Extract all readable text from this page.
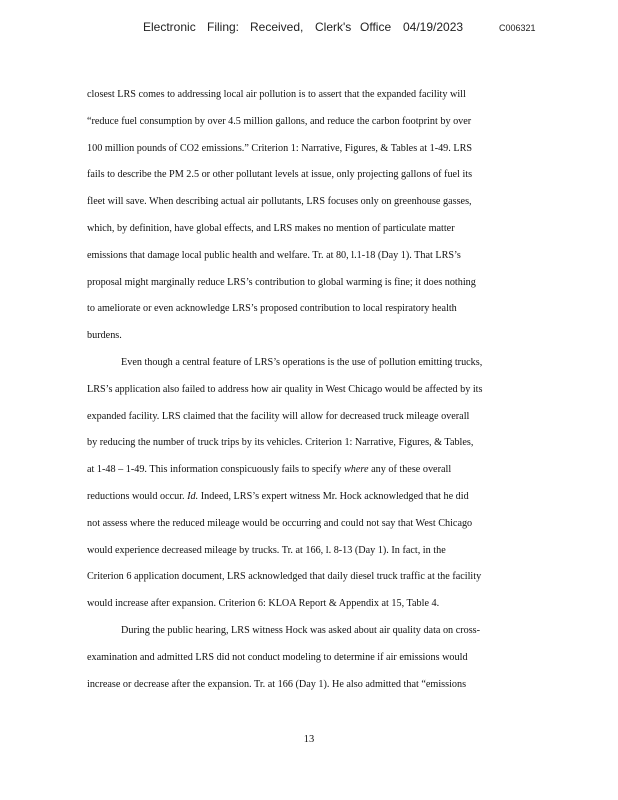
Electronic Filing: Received, Clerk's Office 04/19/2023	C006321
closest LRS comes to addressing local air pollution is to assert that the expanded facility will
“reduce fuel consumption by over 4.5 million gallons, and reduce the carbon footprint by over
100 million pounds of CO2 emissions.” Criterion 1: Narrative, Figures, & Tables at 1-49. LRS
fails to describe the PM 2.5 or other pollutant levels at issue, only projecting gallons of fuel its
fleet will save. When describing actual air pollutants, LRS focuses only on greenhouse gasses,
which, by definition, have global effects, and LRS makes no mention of particulate matter
emissions that damage local public health and welfare. Tr. at 80, l.1-18 (Day 1). That LRS’s
proposal might marginally reduce LRS’s contribution to global warming is fine; it does nothing
to ameliorate or even acknowledge LRS’s proposed contribution to local respiratory health
burdens.
Even though a central feature of LRS’s operations is the use of pollution emitting trucks,
LRS’s application also failed to address how air quality in West Chicago would be affected by its
expanded facility. LRS claimed that the facility will allow for decreased truck mileage overall
by reducing the number of truck trips by its vehicles. Criterion 1: Narrative, Figures, & Tables,
at 1-48 – 1-49. This information conspicuously fails to specify where any of these overall
reductions would occur. Id. Indeed, LRS’s expert witness Mr. Hock acknowledged that he did
not assess where the reduced mileage would be occurring and could not say that West Chicago
would experience decreased mileage by trucks. Tr. at 166, l. 8-13 (Day 1). In fact, in the
Criterion 6 application document, LRS acknowledged that daily diesel truck traffic at the facility
would increase after expansion. Criterion 6: KLOA Report & Appendix at 15, Table 4.
During the public hearing, LRS witness Hock was asked about air quality data on cross-
examination and admitted LRS did not conduct modeling to determine if air emissions would
increase or decrease after the expansion. Tr. at 166 (Day 1). He also admitted that “emissions
13
